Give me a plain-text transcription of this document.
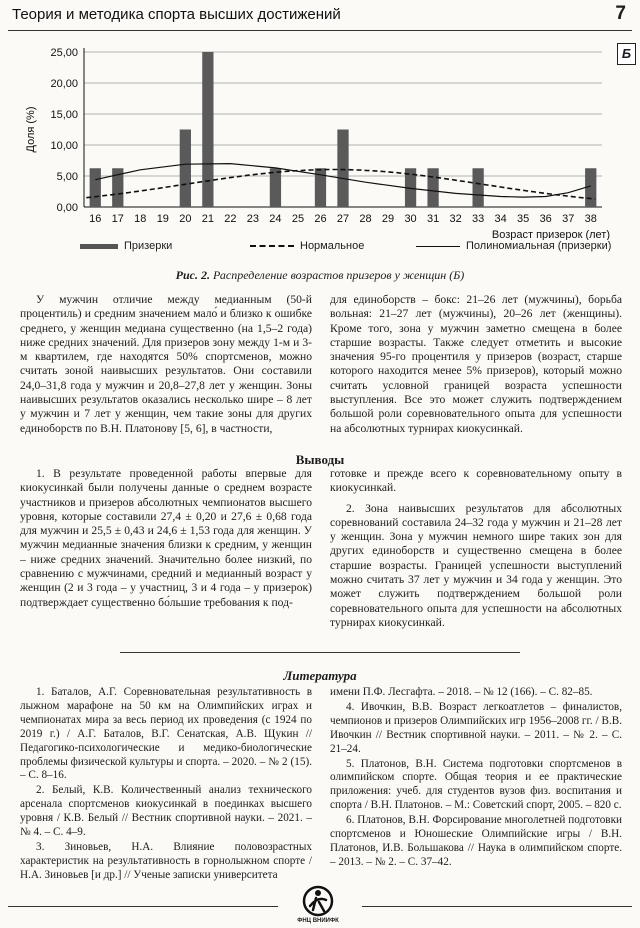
Теория и методика спорта высших достижений	7
0,00
5,00
10,00
15,00
20,00
25,00
Доля (%)
16 17 18 19 20 21 22 23 24 25 26 27 28 29 30 31 32 33 34 35 36 37 38
Возраст призерок (лет)
Б
Призерки	Нормальное	Полиномиальная (призерки)
Рис. 2. Распределение возрастов призеров у женщин (Б)

У мужчин отличие между медианным (50-й процентиль) и средним значением мало́ и близко к ошибке среднего, у женщин медиана существенно (на 1,5–2 года) ниже средних значений. Для призеров зону между 1-м и 3-м квартилем, где находятся 50% спортсменов, можно считать зоной наивысших результатов. Они составили 24,0–31,8 года у мужчин и 20,8–27,8 лет у женщин. Зоны наивысших результатов оказались несколько шире – 8 лет у мужчин и 7 лет у женщин, чем такие зоны для других единоборств по В.Н. Платонову [5, 6], в частности,

для единоборств – бокс: 21–26 лет (мужчины), борьба вольная: 21–27 лет (мужчины), 20–26 лет (женщины). Кроме того, зона у мужчин заметно смещена в более старшие возрасты. Также следует отметить и высокие значения 95-го процентиля у призеров (возраст, старше которого находится менее 5% призеров), который можно считать условной границей возраста успешности выступления. Все это может служить подтверждением большой роли соревновательного опыта для успешности на абсолютных турнирах киокусинкай.

Выводы

1. В результате проведенной работы впервые для киокусинкай были получены данные о среднем возрасте участников и призеров абсолютных чемпионатов высшего уровня, которые составили 27,4 ± 0,20 и 27,6 ± 0,68 года для мужчин и 25,5 ± 0,43 и 24,6 ± 1,53 года для женщин. У мужчин медианные значения близки к средним, у женщин – ниже средних значений. Значительно более низкий, по сравнению с мужчинами, средний и медианный возраст у женщин (2 и 3 года – у участниц, 3 и 4 года – у призерок) подтверждает существенно бо́льшие требования к под-

готовке и прежде всего к соревновательному опыту в киокусинкай.

2. Зона наивысших результатов для абсолютных соревнований составила 24–32 года у мужчин и 21–28 лет у женщин. Зона у мужчин немного шире таких зон для других единоборств и существенно смещена в более старшие возрасты. Границей успешности выступлений можно считать 37 лет у мужчин и 34 года у женщин. Это может служить подтверждением большой роли соревновательного опыта для успешности на абсолютных турнирах киокусинкай.

Литература

1. Баталов, А.Г. Соревновательная результативность в лыжном марафоне на 50 км на Олимпийских играх и чемпионатах мира за весь период их проведения (с 1924 по 2019 г.) / А.Г. Баталов, В.Г. Сенатская, А.В. Щукин // Педагогико-психологические и медико-биологические проблемы физической культуры и спорта. – 2020. – № 2 (15). – С. 8–16.

2. Белый, К.В. Количественный анализ технического арсенала спортсменов киокусинкай в поединках высшего уровня / К.В. Белый // Вестник спортивной науки. – 2021. – № 4. – С. 4–9.

3. Зиновьев, Н.А. Влияние половозрастных характеристик на результативность в горнолыжном спорте / Н.А. Зиновьев [и др.] // Ученые записки университета

имени П.Ф. Лесгафта. – 2018. – № 12 (166). – С. 82–85.

4. Ивочкин, В.В. Возраст легкоатлетов – финалистов, чемпионов и призеров Олимпийских игр 1956–2008 гг. / В.В. Ивочкин // Вестник спортивной науки. – 2011. – № 2. – С. 21–24.

5. Платонов, В.Н. Система подготовки спортсменов в олимпийском спорте. Общая теория и ее практические приложения: учеб. для студентов вузов физ. воспитания и спорта / В.Н. Платонов. – М.: Советский спорт, 2005. – 820 с.

6. Платонов, В.Н. Форсирование многолетней подготовки спортсменов и Юношеские Олимпийские игры / В.Н. Платонов, И.В. Большакова // Наука в олимпийском спорте. – 2013. – № 2. – С. 37–42.

ФНЦ ВНИИФК
